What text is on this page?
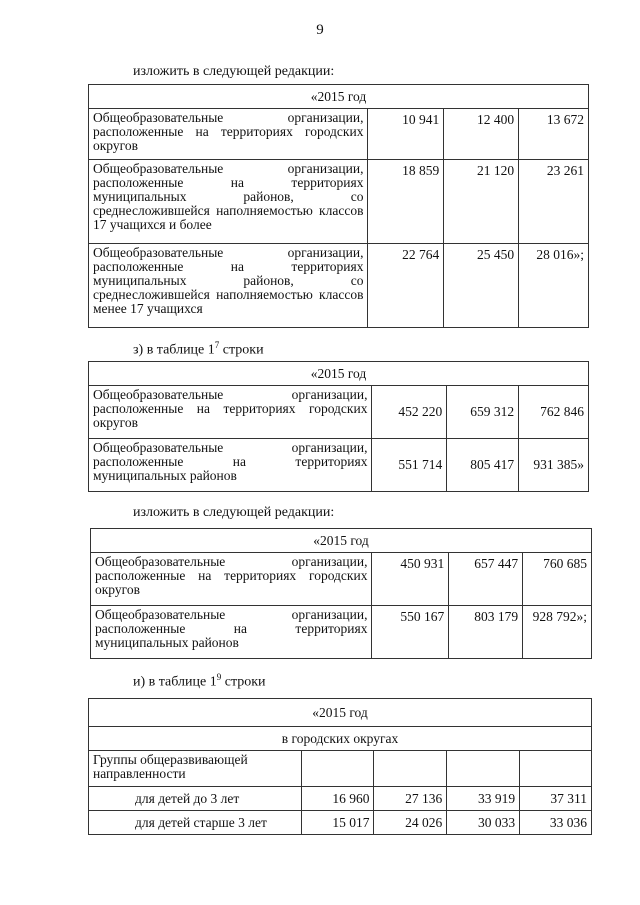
9
изложить в следующей редакции:
«2015 год			
Общеобразовательные организации, расположенные на территориях городских округов	10 941	12 400	13 672
Общеобразовательные организации, расположенные на территориях муниципальных районов, со среднесложившейся наполняемостью классов 17 учащихся и более	18 859	21 120	23 261
Общеобразовательные организации, расположенные на территориях муниципальных районов, со среднесложившейся наполняемостью классов менее 17 учащихся	22 764	25 450	28 016»;
з) в таблице $1^7$ строки
«2015 год			
Общеобразовательные организации, расположенные на территориях городских округов	452 220	659 312	762 846
Общеобразовательные организации, расположенные на территориях муниципальных районов	551 714	805 417	931 385»
изложить в следующей редакции:
«2015 год			
Общеобразовательные организации, расположенные на территориях городских округов	450 931	657 447	760 685
Общеобразовательные организации, расположенные на территориях муниципальных районов	550 167	803 179	928 792»;
и) в таблице $1^9$ строки
«2015 год				
в городских округах				
Группы общеразвивающей направленности				
для детей до 3 лет	16 960	27 136	33 919	37 311
для детей старше 3 лет	15 017	24 026	30 033	33 036
